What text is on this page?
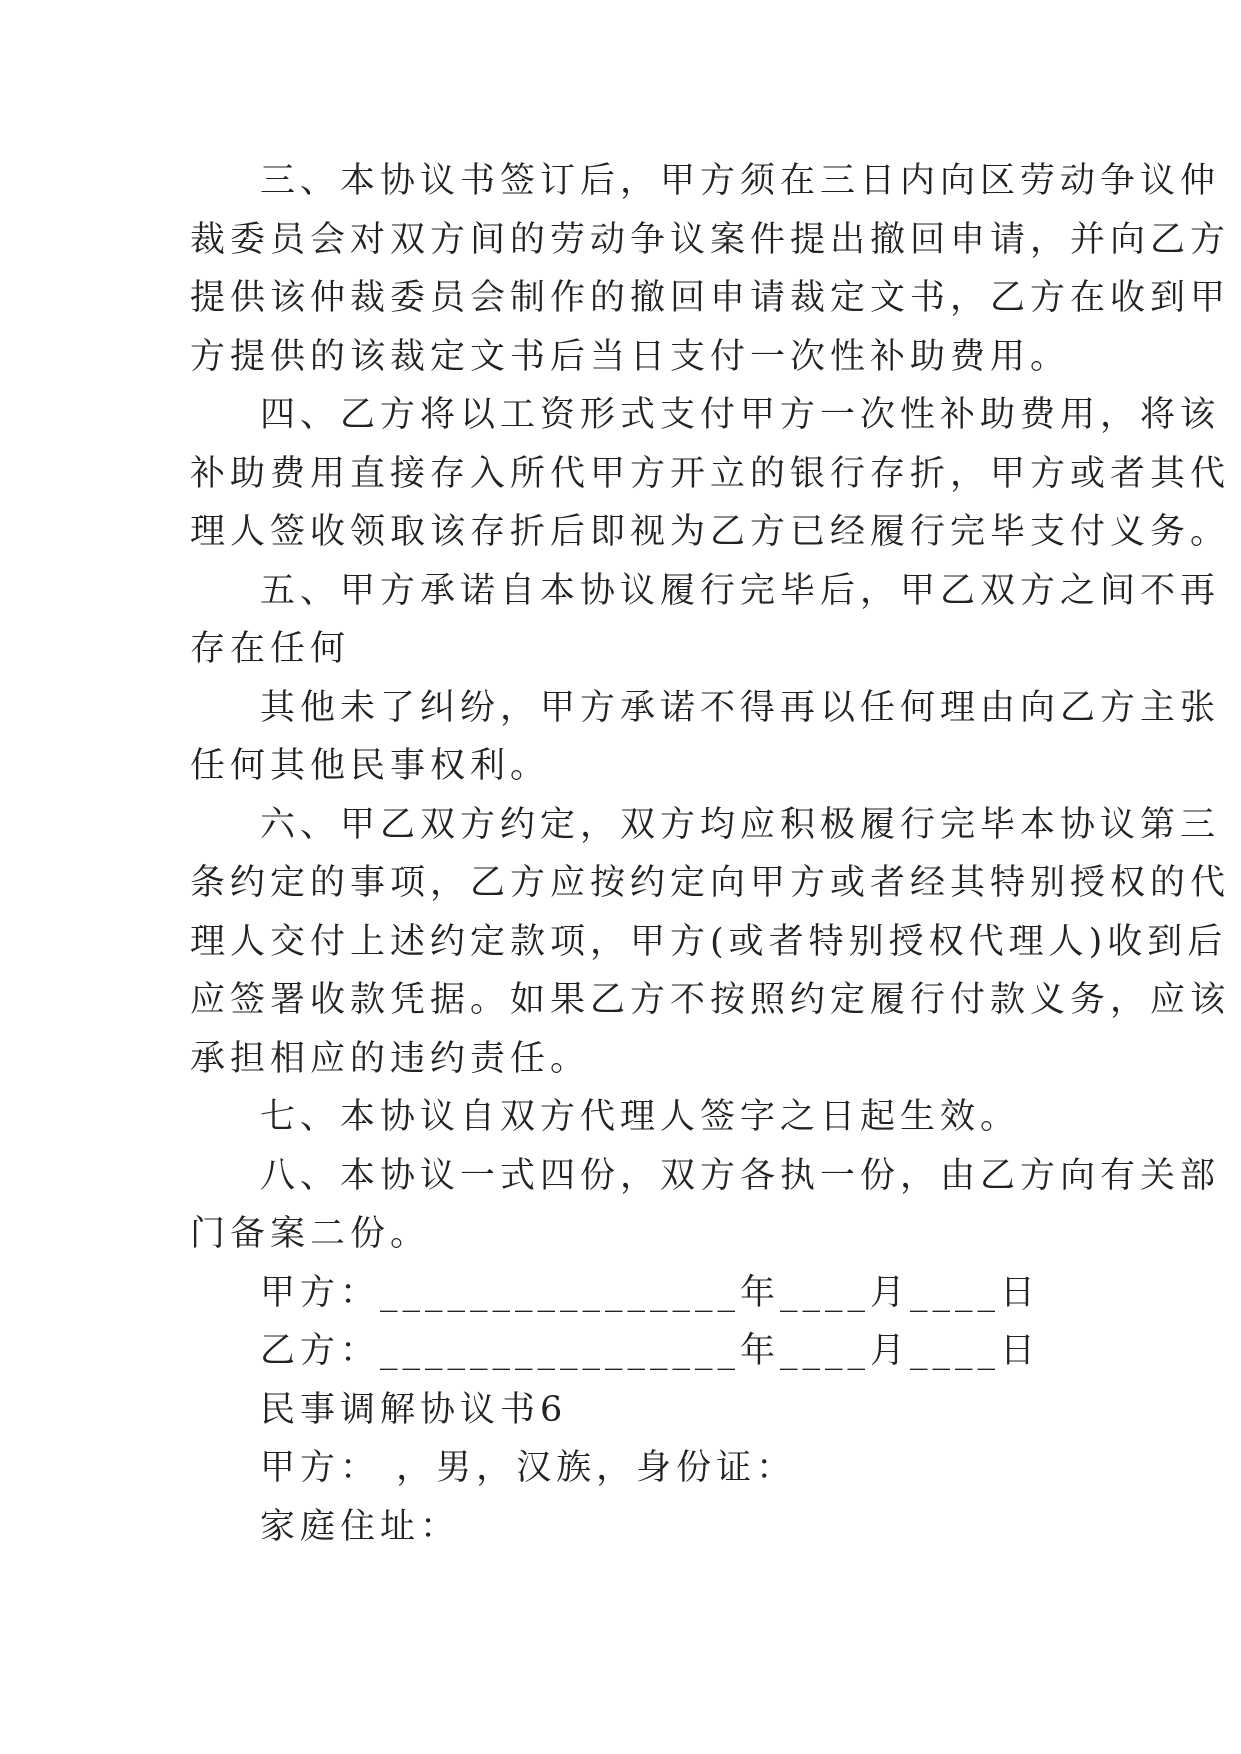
三、本协议书签订后，甲方须在三日内向区劳动争议仲
裁委员会对双方间的劳动争议案件提出撤回申请，并向乙方
提供该仲裁委员会制作的撤回申请裁定文书，乙方在收到甲
方提供的该裁定文书后当日支付一次性补助费用。
四、乙方将以工资形式支付甲方一次性补助费用，将该
补助费用直接存入所代甲方开立的银行存折，甲方或者其代
理人签收领取该存折后即视为乙方已经履行完毕支付义务。
五、甲方承诺自本协议履行完毕后，甲乙双方之间不再
存在任何
其他未了纠纷，甲方承诺不得再以任何理由向乙方主张
任何其他民事权利。
六、甲乙双方约定，双方均应积极履行完毕本协议第三
条约定的事项，乙方应按约定向甲方或者经其特别授权的代
理人交付上述约定款项，甲方(或者特别授权代理人)收到后
应签署收款凭据。如果乙方不按照约定履行付款义务，应该
承担相应的违约责任。
七、本协议自双方代理人签字之日起生效。
八、本协议一式四份，双方各执一份，由乙方向有关部
门备案二份。
甲方：________________年____月____日
乙方：________________年____月____日
民事调解协议书6
甲方： ，男，汉族，身份证：
家庭住址：
